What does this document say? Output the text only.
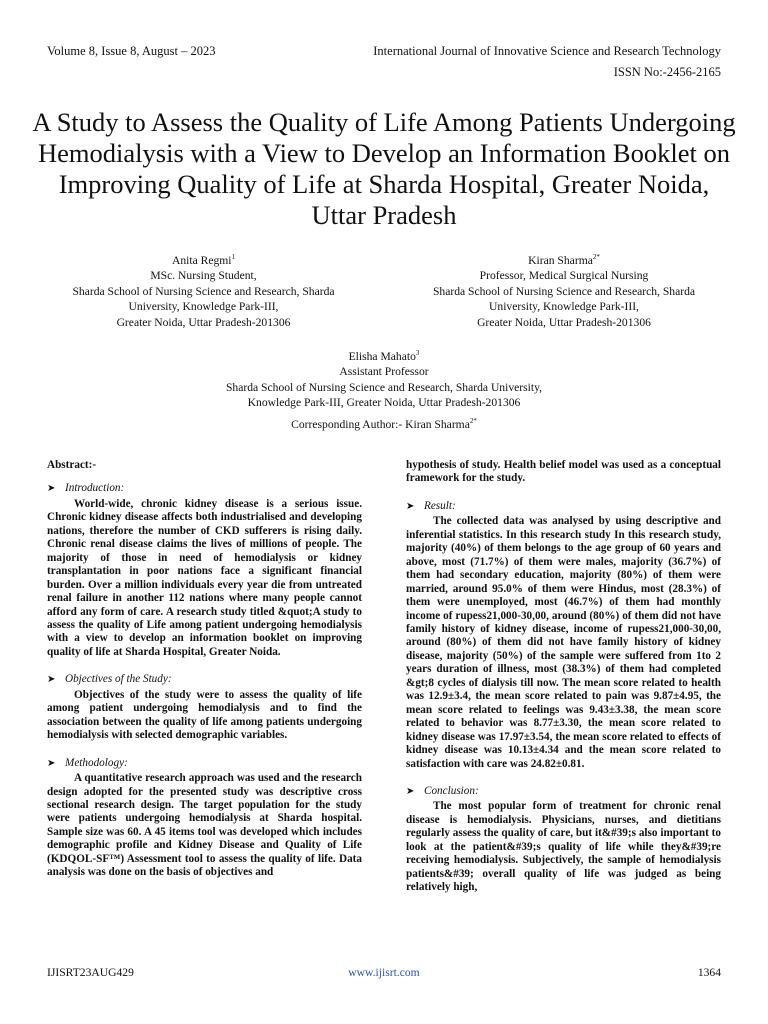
Volume 8, Issue 8, August – 2023	International Journal of Innovative Science and Research Technology
ISSN No:-2456-2165
A Study to Assess the Quality of Life Among Patients Undergoing Hemodialysis with a View to Develop an Information Booklet on Improving Quality of Life at Sharda Hospital, Greater Noida, Uttar Pradesh
Anita Regmi$^1$
MSc. Nursing Student,
Sharda School of Nursing Science and Research, Sharda
University, Knowledge Park-III,
Greater Noida, Uttar Pradesh-201306
Kiran Sharma$^{2*}$
Professor, Medical Surgical Nursing
Sharda School of Nursing Science and Research, Sharda
University, Knowledge Park-III,
Greater Noida, Uttar Pradesh-201306
Elisha Mahato$^3$
Assistant Professor
Sharda School of Nursing Science and Research, Sharda University,
Knowledge Park-III, Greater Noida, Uttar Pradesh-201306
Corresponding Author:- Kiran Sharma$^{2*}$
Abstract:-
➤ Introduction:

World-wide, chronic kidney disease is a serious issue. Chronic kidney disease affects both industrialised and developing nations, therefore the number of CKD sufferers is rising daily. Chronic renal disease claims the lives of millions of people. The majority of those in need of hemodialysis or kidney transplantation in poor nations face a significant financial burden. Over a million individuals every year die from untreated renal failure in another 112 nations where many people cannot afford any form of care. A research study titled &quot;A study to assess the quality of Life among patient undergoing hemodialysis with a view to develop an information booklet on improving quality of life at Sharda Hospital, Greater Noida.

➤ Objectives of the Study:

Objectives of the study were to assess the quality of life among patient undergoing hemodialysis and to find the association between the quality of life among patients undergoing hemodialysis with selected demographic variables.

➤ Methodology:

A quantitative research approach was used and the research design adopted for the presented study was descriptive cross sectional research design. The target population for the study were patients undergoing hemodialysis at Sharda hospital. Sample size was 60. A 45 items tool was developed which includes demographic profile and Kidney Disease and Quality of Life (KDQOL-SF™) Assessment tool to assess the quality of life. Data analysis was done on the basis of objectives and

hypothesis of study. Health belief model was used as a conceptual framework for the study.

➤ Result:

The collected data was analysed by using descriptive and inferential statistics. In this research study In this research study, majority (40%) of them belongs to the age group of 60 years and above, most (71.7%) of them were males, majority (36.7%) of them had secondary education, majority (80%) of them were married, around 95.0% of them were Hindus, most (28.3%) of them were unemployed, most (46.7%) of them had monthly income of rupess21,000-30,00, around (80%) of them did not have family history of kidney disease, income of rupess21,000-30,00, around (80%) of them did not have family history of kidney disease, majority (50%) of the sample were suffered from 1to 2 years duration of illness, most (38.3%) of them had completed &gt;8 cycles of dialysis till now. The mean score related to health was 12.9±3.4, the mean score related to pain was 9.87±4.95, the mean score related to feelings was 9.43±3.38, the mean score related to behavior was 8.77±3.30, the mean score related to kidney disease was 17.97±3.54, the mean score related to effects of kidney disease was 10.13±4.34 and the mean score related to satisfaction with care was 24.82±0.81.

➤ Conclusion:

The most popular form of treatment for chronic renal disease is hemodialysis. Physicians, nurses, and dietitians regularly assess the quality of care, but it&#39;s also important to look at the patient&#39;s quality of life while they&#39;re receiving hemodialysis. Subjectively, the sample of hemodialysis patients&#39; overall quality of life was judged as being relatively high,

IJISRT23AUG429	www.ijisrt.com	1364
